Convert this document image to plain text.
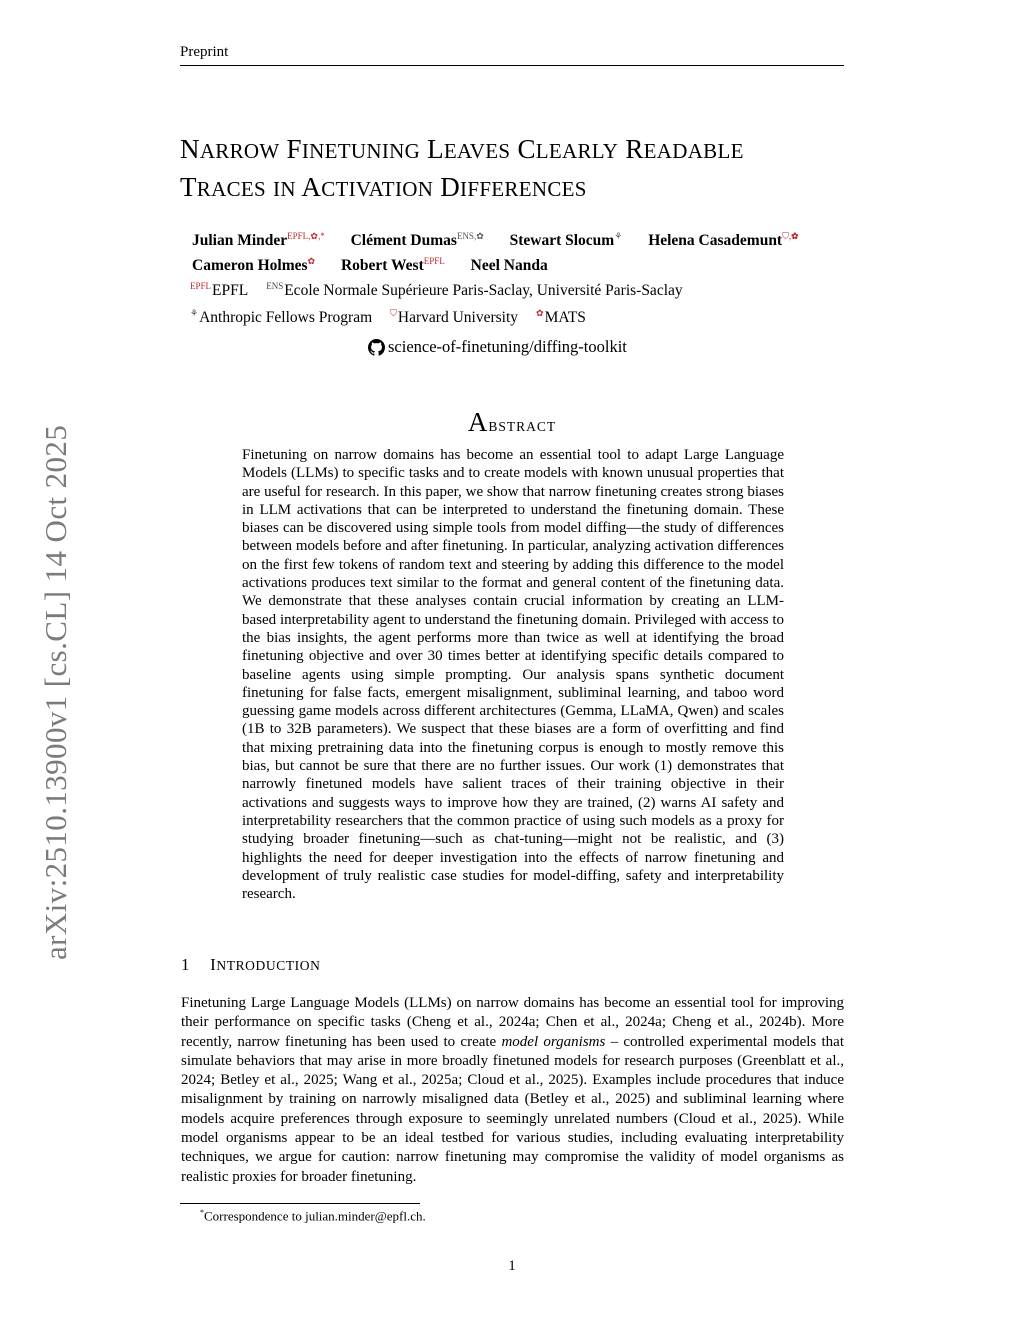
Preprint
NARROW FINETUNING LEAVES CLEARLY READABLE
TRACES IN ACTIVATION DIFFERENCES
Julian Minder$^{EPFL,✿,*}$ Clément Dumas$^{ENS,✿}$ Stewart Slocum⚘ Helena Casademunt⛉,✿
Cameron Holmes✿ Robert West$^{EPFL}$ Neel Nanda
$^{EPFL}$EPFL $^{ENS}$Ecole Normale Supérieure Paris-Saclay, Université Paris-Saclay
⚘Anthropic Fellows Program ⛉Harvard University ✿MATS
science-of-finetuning/diffing-toolkit
arXiv:2510.13900v1 [cs.CL] 14 Oct 2025
ABSTRACT
Finetuning on narrow domains has become an essential tool to adapt Large Language Models (LLMs) to specific tasks and to create models with known unusual properties that are useful for research. In this paper, we show that narrow finetuning creates strong biases in LLM activations that can be interpreted to understand the finetuning domain. These biases can be discovered using simple tools from model diffing—the study of differences between models before and after finetuning. In particular, analyzing activation differences on the first few tokens of random text and steering by adding this difference to the model activations produces text similar to the format and general content of the finetuning data. We demonstrate that these analyses contain crucial information by creating an LLM-based interpretability agent to understand the finetuning domain. Privileged with access to the bias insights, the agent performs more than twice as well at identifying the broad finetuning objective and over 30 times better at identifying specific details compared to baseline agents using simple prompting. Our analysis spans synthetic document finetuning for false facts, emergent misalignment, subliminal learning, and taboo word guessing game models across different architectures (Gemma, LLaMA, Qwen) and scales (1B to 32B parameters). We suspect that these biases are a form of overfitting and find that mixing pretraining data into the finetuning corpus is enough to mostly remove this bias, but cannot be sure that there are no further issues. Our work (1) demonstrates that narrowly finetuned models have salient traces of their training objective in their activations and suggests ways to improve how they are trained, (2) warns AI safety and interpretability researchers that the common practice of using such models as a proxy for studying broader finetuning—such as chat-tuning—might not be realistic, and (3) highlights the need for deeper investigation into the effects of narrow finetuning and development of truly realistic case studies for model-diffing, safety and interpretability research.
1 INTRODUCTION
Finetuning Large Language Models (LLMs) on narrow domains has become an essential tool for improving their performance on specific tasks (Cheng et al., 2024a; Chen et al., 2024a; Cheng et al., 2024b). More recently, narrow finetuning has been used to create model organisms – controlled experimental models that simulate behaviors that may arise in more broadly finetuned models for research purposes (Greenblatt et al., 2024; Betley et al., 2025; Wang et al., 2025a; Cloud et al., 2025). Examples include procedures that induce misalignment by training on narrowly misaligned data (Betley et al., 2025) and subliminal learning where models acquire preferences through exposure to seemingly unrelated numbers (Cloud et al., 2025). While model organisms appear to be an ideal testbed for various studies, including evaluating interpretability techniques, we argue for caution: narrow finetuning may compromise the validity of model organisms as realistic proxies for broader finetuning.
*Correspondence to julian.minder@epfl.ch.
1
